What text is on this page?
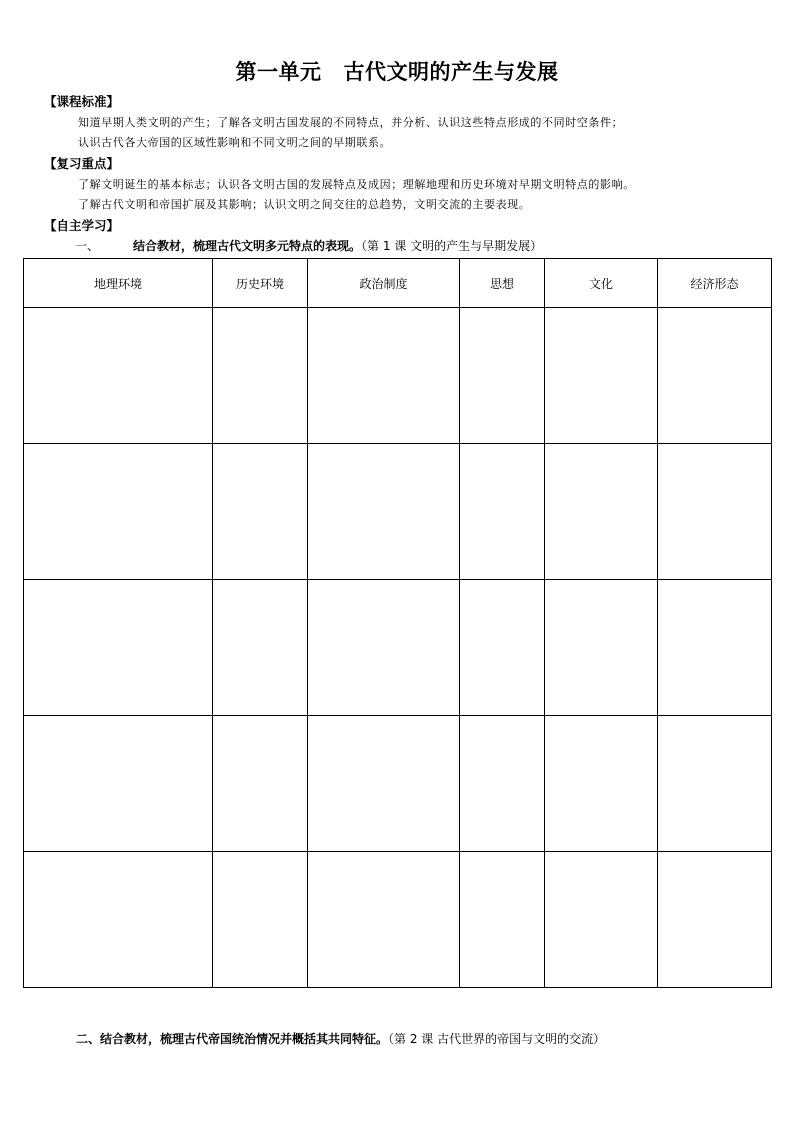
第一单元 古代文明的产生与发展
【课程标准】
知道早期人类文明的产生；了解各文明古国发展的不同特点，并分析、认识这些特点形成的不同时空条件；
认识古代各大帝国的区域性影响和不同文明之间的早期联系。
【复习重点】
了解文明诞生的基本标志；认识各文明古国的发展特点及成因；理解地理和历史环境对早期文明特点的影响。
了解古代文明和帝国扩展及其影响；认识文明之间交往的总趋势，文明交流的主要表现。
【自主学习】
一、	结合教材，梳理古代文明多元特点的表现。（第 1 课 文明的产生与早期发展）
地理环境	历史环境	政治制度	思想	文化	经济形态

二、结合教材，梳理古代帝国统治情况并概括其共同特征。（第 2 课 古代世界的帝国与文明的交流）
